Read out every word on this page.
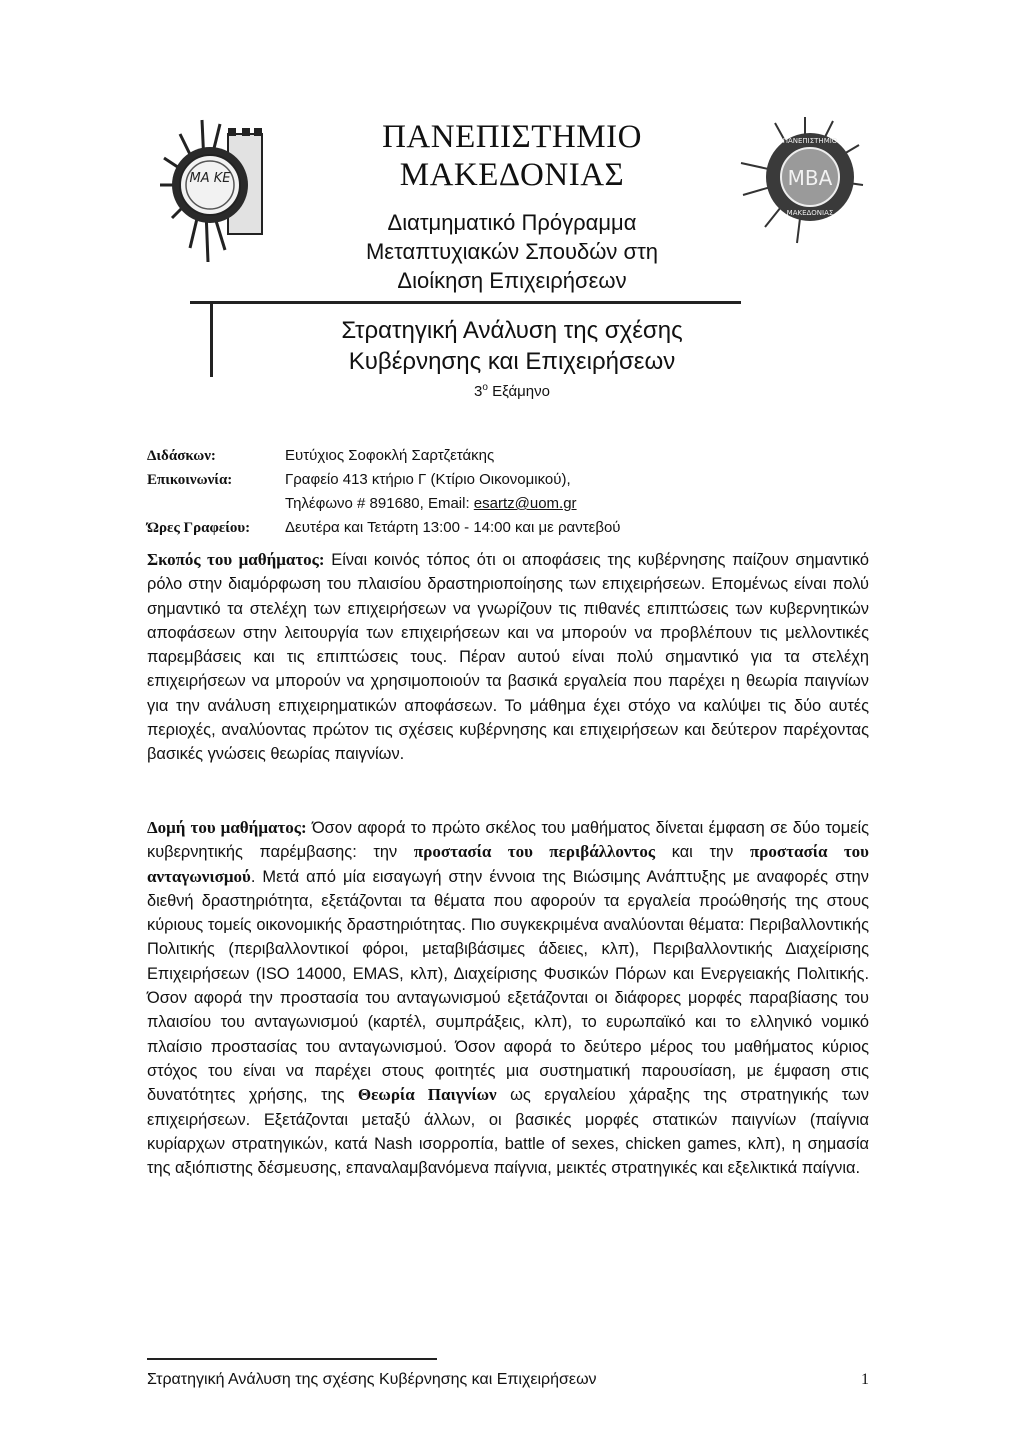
ΜΑ ΚΕ
ΠΑΝΕΠΙΣΤΗΜΙΟ
ΜΑΚΕΔΟΝΙΑΣ
Διατμηματικό Πρόγραμμα
Μεταπτυχιακών Σπουδών στη
Διοίκηση Επιχειρήσεων
MBA
ΠΑΝΕΠΙΣΤΗΜΙΟ
ΜΑΚΕΔΟΝΙΑΣ
Στρατηγική Ανάλυση της σχέσης
Κυβέρνησης και Επιχειρήσεων
$3^o$ Εξάμηνο
Διδάσκων:	Ευτύχιος Σοφοκλή Σαρτζετάκης
Επικοινωνία:	Γραφείο 413 κτήριο Γ (Κτίριο Οικονομικού),
Τηλέφωνο # 891680, Email: esartz@uom.gr
Ώρες Γραφείου:	Δευτέρα και Τετάρτη 13:00 - 14:00 και με ραντεβού
Σκοπός του μαθήματος: Είναι κοινός τόπος ότι οι αποφάσεις της κυβέρνησης παίζουν σημαντικό ρόλο στην διαμόρφωση του πλαισίου δραστηριοποίησης των επιχειρήσεων. Επομένως είναι πολύ σημαντικό τα στελέχη των επιχειρήσεων να γνωρίζουν τις πιθανές επιπτώσεις των κυβερνητικών αποφάσεων στην λειτουργία των επιχειρήσεων και να μπορούν να προβλέπουν τις μελλοντικές παρεμβάσεις και τις επιπτώσεις τους. Πέραν αυτού είναι πολύ σημαντικό για τα στελέχη επιχειρήσεων να μπορούν να χρησιμοποιούν τα βασικά εργαλεία που παρέχει η θεωρία παιγνίων για την ανάλυση επιχειρηματικών αποφάσεων. Το μάθημα έχει στόχο να καλύψει τις δύο αυτές περιοχές, αναλύοντας πρώτον τις σχέσεις κυβέρνησης και επιχειρήσεων και δεύτερον παρέχοντας βασικές γνώσεις θεωρίας παιγνίων.
Δομή του μαθήματος: Όσον αφορά το πρώτο σκέλος του μαθήματος δίνεται έμφαση σε δύο τομείς κυβερνητικής παρέμβασης: την προστασία του περιβάλλοντος και την προστασία του ανταγωνισμού. Μετά από μία εισαγωγή στην έννοια της Βιώσιμης Ανάπτυξης με αναφορές στην διεθνή δραστηριότητα, εξετάζονται τα θέματα που αφορούν τα εργαλεία προώθησής της στους κύριους τομείς οικονομικής δραστηριότητας. Πιο συγκεκριμένα αναλύονται θέματα: Περιβαλλοντικής Πολιτικής (περιβαλλοντικοί φόροι, μεταβιβάσιμες άδειες, κλπ), Περιβαλλοντικής Διαχείρισης Επιχειρήσεων (ISO 14000, EMAS, κλπ), Διαχείρισης Φυσικών Πόρων και Ενεργειακής Πολιτικής. Όσον αφορά την προστασία του ανταγωνισμού εξετάζονται οι διάφορες μορφές παραβίασης του πλαισίου του ανταγωνισμού (καρτέλ, συμπράξεις, κλπ), το ευρωπαϊκό και το ελληνικό νομικό πλαίσιο προστασίας του ανταγωνισμού. Όσον αφορά το δεύτερο μέρος του μαθήματος κύριος στόχος του είναι να παρέχει στους φοιτητές μια συστηματική παρουσίαση, με έμφαση στις δυνατότητες χρήσης, της Θεωρία Παιγνίων ως εργαλείου χάραξης της στρατηγικής των επιχειρήσεων. Εξετάζονται μεταξύ άλλων, οι βασικές μορφές στατικών παιγνίων (παίγνια κυρίαρχων στρατηγικών, κατά Nash ισορροπία, battle of sexes, chicken games, κλπ), η σημασία της αξιόπιστης δέσμευσης, επαναλαμβανόμενα παίγνια, μεικτές στρατηγικές και εξελικτικά παίγνια.
Στρατηγική Ανάλυση της σχέσης Κυβέρνησης και Επιχειρήσεων	1
